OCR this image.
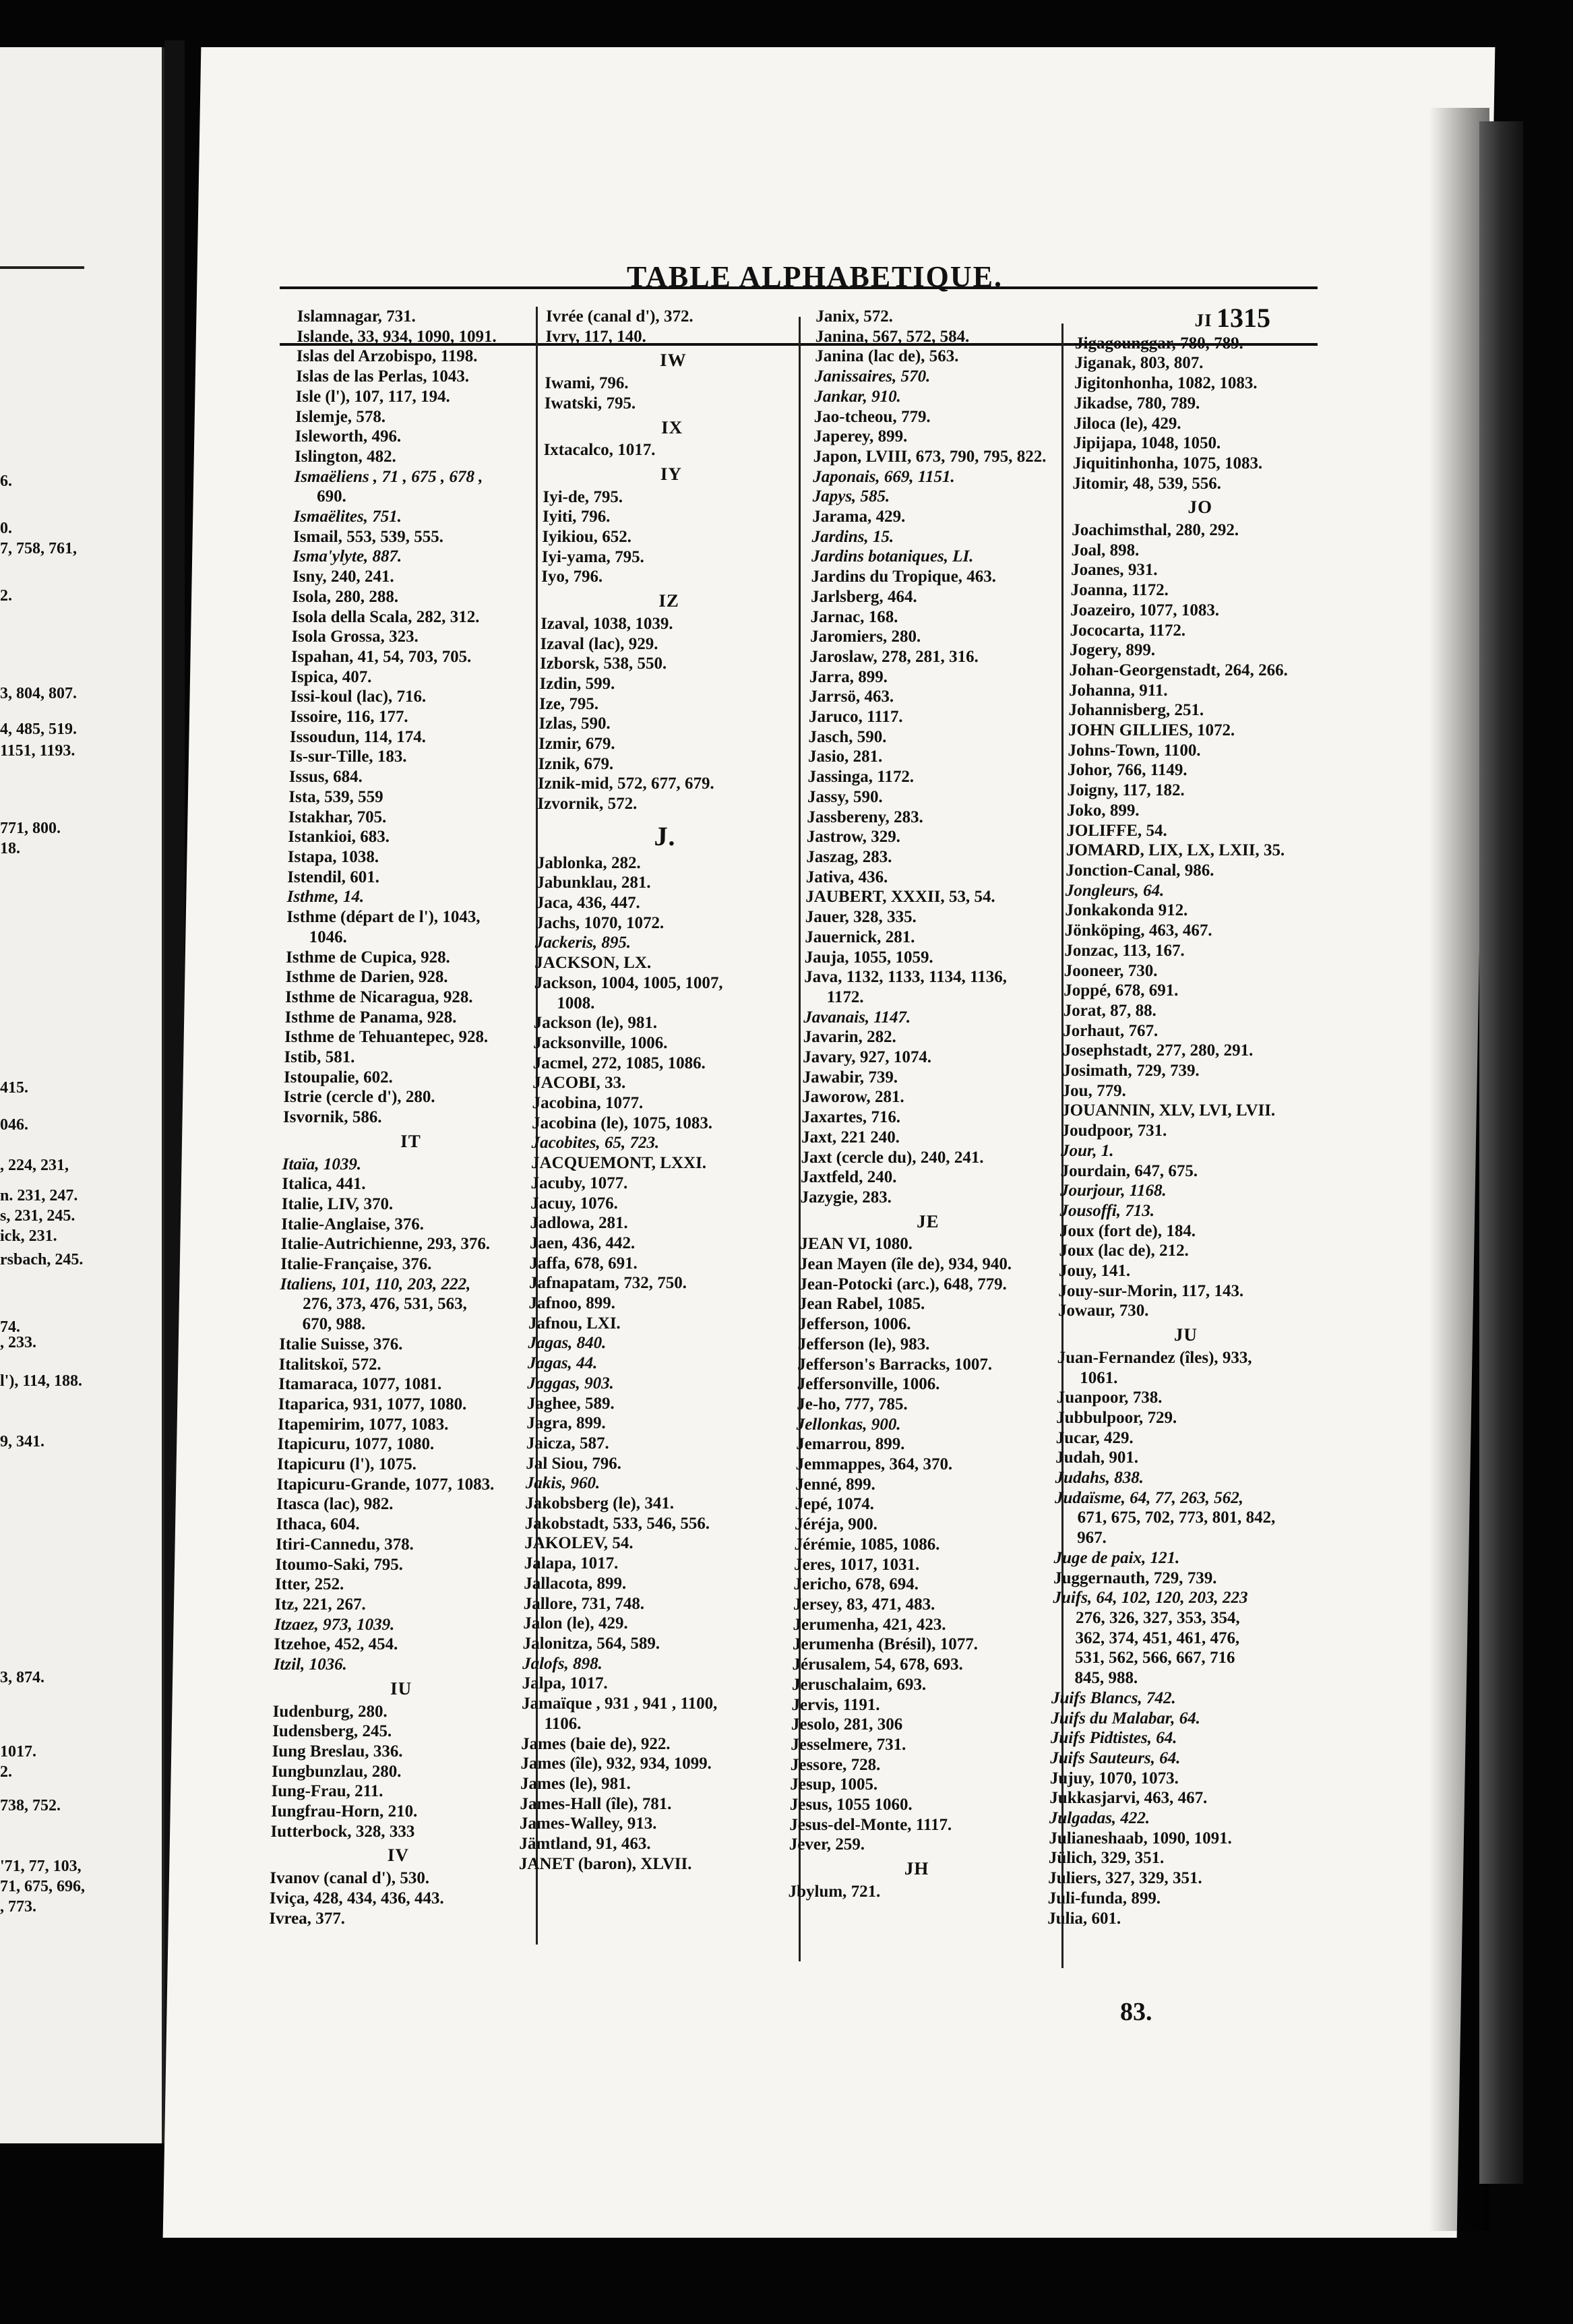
6.
0.
7, 758, 761,
2.
3, 804, 807.
4, 485, 519.
1151, 1193.
771, 800.
18.
415.
046.
, 224, 231,
n. 231, 247.
s, 231, 245.
ick, 231.
rsbach, 245.
74.
, 233.
l'), 114, 188.
9, 341.
3, 874.
1017.
2.
738, 752.
'71, 77, 103,
71, 675, 696,
, 773.
TABLE ALPHABETIQUE.
1315
Islamnagar, 731.
Islande, 33, 934, 1090, 1091.
Islas del Arzobispo, 1198.
Islas de las Perlas, 1043.
Isle (l'), 107, 117, 194.
Islemje, 578.
Isleworth, 496.
Islington, 482.
Ismaëliens , 71 , 675 , 678 ,
690.
Ismaëlites, 751.
Ismail, 553, 539, 555.
Isma'ylyte, 887.
Isny, 240, 241.
Isola, 280, 288.
Isola della Scala, 282, 312.
Isola Grossa, 323.
Ispahan, 41, 54, 703, 705.
Ispica, 407.
Issi-koul (lac), 716.
Issoire, 116, 177.
Issoudun, 114, 174.
Is-sur-Tille, 183.
Issus, 684.
Ista, 539, 559
Istakhar, 705.
Istankioi, 683.
Istapa, 1038.
Istendil, 601.
Isthme, 14.
Isthme (départ de l'), 1043,
1046.
Isthme de Cupica, 928.
Isthme de Darien, 928.
Isthme de Nicaragua, 928.
Isthme de Panama, 928.
Isthme de Tehuantepec, 928.
Istib, 581.
Istoupalie, 602.
Istrie (cercle d'), 280.
Isvornik, 586.
IT
Itaïa, 1039.
Italica, 441.
Italie, LIV, 370.
Italie-Anglaise, 376.
Italie-Autrichienne, 293, 376.
Italie-Française, 376.
Italiens, 101, 110, 203, 222,
276, 373, 476, 531, 563,
670, 988.
Italie Suisse, 376.
Italitskoï, 572.
Itamaraca, 1077, 1081.
Itaparica, 931, 1077, 1080.
Itapemirim, 1077, 1083.
Itapicuru, 1077, 1080.
Itapicuru (l'), 1075.
Itapicuru-Grande, 1077, 1083.
Itasca (lac), 982.
Ithaca, 604.
Itiri-Cannedu, 378.
Itoumo-Saki, 795.
Itter, 252.
Itz, 221, 267.
Itzaez, 973, 1039.
Itzehoe, 452, 454.
Itzil, 1036.
IU
Iudenburg, 280.
Iudensberg, 245.
Iung Breslau, 336.
Iungbunzlau, 280.
Iung-Frau, 211.
Iungfrau-Horn, 210.
Iutterbock, 328, 333
IV
Ivanov (canal d'), 530.
Iviça, 428, 434, 436, 443.
Ivrea, 377.
Ivrée (canal d'), 372.
Ivry, 117, 140.
IW
Iwami, 796.
Iwatski, 795.
IX
Ixtacalco, 1017.
IY
Iyi-de, 795.
Iyiti, 796.
Iyikiou, 652.
Iyi-yama, 795.
Iyo, 796.
IZ
Izaval, 1038, 1039.
Izaval (lac), 929.
Izborsk, 538, 550.
Izdin, 599.
Ize, 795.
Izlas, 590.
Izmir, 679.
Iznik, 679.
Iznik-mid, 572, 677, 679.
Izvornik, 572.
J.
Jablonka, 282.
Jabunklau, 281.
Jaca, 436, 447.
Jachs, 1070, 1072.
Jackeris, 895.
JACKSON, LX.
Jackson, 1004, 1005, 1007,
1008.
Jackson (le), 981.
Jacksonville, 1006.
Jacmel, 272, 1085, 1086.
JACOBI, 33.
Jacobina, 1077.
Jacobina (le), 1075, 1083.
Jacobites, 65, 723.
JACQUEMONT, LXXI.
Jacuby, 1077.
Jacuy, 1076.
Jadlowa, 281.
Jaen, 436, 442.
Jaffa, 678, 691.
Jafnapatam, 732, 750.
Jafnoo, 899.
Jafnou, LXI.
Jagas, 840.
Jagas, 44.
Jaggas, 903.
Jaghee, 589.
Jagra, 899.
Jaicza, 587.
Jal Siou, 796.
Jakis, 960.
Jakobsberg (le), 341.
Jakobstadt, 533, 546, 556.
JAKOLEV, 54.
Jalapa, 1017.
Jallacota, 899.
Jallore, 731, 748.
Jalon (le), 429.
Jalonitza, 564, 589.
Jalofs, 898.
Jalpa, 1017.
Jamaïque , 931 , 941 , 1100,
1106.
James (baie de), 922.
James (île), 932, 934, 1099.
James (le), 981.
James-Hall (île), 781.
James-Walley, 913.
Jämtland, 91, 463.
JANET (baron), XLVII.
Janix, 572.
Janina, 567, 572, 584.
Janina (lac de), 563.
Janissaires, 570.
Jankar, 910.
Jao-tcheou, 779.
Japerey, 899.
Japon, LVIII, 673, 790, 795, 822.
Japonais, 669, 1151.
Japys, 585.
Jarama, 429.
Jardins, 15.
Jardins botaniques, LI.
Jardins du Tropique, 463.
Jarlsberg, 464.
Jarnac, 168.
Jaromiers, 280.
Jaroslaw, 278, 281, 316.
Jarra, 899.
Jarrsö, 463.
Jaruco, 1117.
Jasch, 590.
Jasio, 281.
Jassinga, 1172.
Jassy, 590.
Jassbereny, 283.
Jastrow, 329.
Jaszag, 283.
Jativa, 436.
JAUBERT, XXXII, 53, 54.
Jauer, 328, 335.
Jauernick, 281.
Jauja, 1055, 1059.
Java, 1132, 1133, 1134, 1136,
1172.
Javanais, 1147.
Javarin, 282.
Javary, 927, 1074.
Jawabir, 739.
Jaworow, 281.
Jaxartes, 716.
Jaxt, 221 240.
Jaxt (cercle du), 240, 241.
Jaxtfeld, 240.
Jazygie, 283.
JE
JEAN VI, 1080.
Jean Mayen (île de), 934, 940.
Jean-Potocki (arc.), 648, 779.
Jean Rabel, 1085.
Jefferson, 1006.
Jefferson (le), 983.
Jefferson's Barracks, 1007.
Jeffersonville, 1006.
Je-ho, 777, 785.
Jellonkas, 900.
Jemarrou, 899.
Jemmappes, 364, 370.
Jenné, 899.
Jepé, 1074.
Jéréja, 900.
Jérémie, 1085, 1086.
Jeres, 1017, 1031.
Jericho, 678, 694.
Jersey, 83, 471, 483.
Jerumenha, 421, 423.
Jerumenha (Brésil), 1077.
Jérusalem, 54, 678, 693.
Jeruschalaim, 693.
Jervis, 1191.
Jesolo, 281, 306
Jesselmere, 731.
Jessore, 728.
Jesup, 1005.
Jesus, 1055 1060.
Jesus-del-Monte, 1117.
Jever, 259.
JH
Jbylum, 721.
JI
Jigagounggar, 780, 789.
Jiganak, 803, 807.
Jigitonhonha, 1082, 1083.
Jikadse, 780, 789.
Jiloca (le), 429.
Jipijapa, 1048, 1050.
Jiquitinhonha, 1075, 1083.
Jitomir, 48, 539, 556.
JO
Joachimsthal, 280, 292.
Joal, 898.
Joanes, 931.
Joanna, 1172.
Joazeiro, 1077, 1083.
Jococarta, 1172.
Jogery, 899.
Johan-Georgenstadt, 264, 266.
Johanna, 911.
Johannisberg, 251.
JOHN GILLIES, 1072.
Johns-Town, 1100.
Johor, 766, 1149.
Joigny, 117, 182.
Joko, 899.
JOLIFFE, 54.
JOMARD, LIX, LX, LXII, 35.
Jonction-Canal, 986.
Jongleurs, 64.
Jonkakonda 912.
Jönköping, 463, 467.
Jonzac, 113, 167.
Jooneer, 730.
Joppé, 678, 691.
Jorat, 87, 88.
Jorhaut, 767.
Josephstadt, 277, 280, 291.
Josimath, 729, 739.
Jou, 779.
JOUANNIN, XLV, LVI, LVII.
Joudpoor, 731.
Jour, 1.
Jourdain, 647, 675.
Jourjour, 1168.
Jousoffi, 713.
Joux (fort de), 184.
Joux (lac de), 212.
Jouy, 141.
Jouy-sur-Morin, 117, 143.
Jowaur, 730.
JU
Juan-Fernandez (îles), 933,
1061.
Juanpoor, 738.
Jubbulpoor, 729.
Jucar, 429.
Judah, 901.
Judahs, 838.
Judaïsme, 64, 77, 263, 562,
671, 675, 702, 773, 801, 842,
967.
Juge de paix, 121.
Juggernauth, 729, 739.
Juifs, 64, 102, 120, 203, 223
276, 326, 327, 353, 354,
362, 374, 451, 461, 476,
531, 562, 566, 667, 716
845, 988.
Juifs Blancs, 742.
Juifs du Malabar, 64.
Juifs Pidtistes, 64.
Juifs Sauteurs, 64.
Jujuy, 1070, 1073.
Jukkasjarvi, 463, 467.
Julgadas, 422.
Julianeshaab, 1090, 1091.
Jülich, 329, 351.
Juliers, 327, 329, 351.
Juli-funda, 899.
Julia, 601.
83.
